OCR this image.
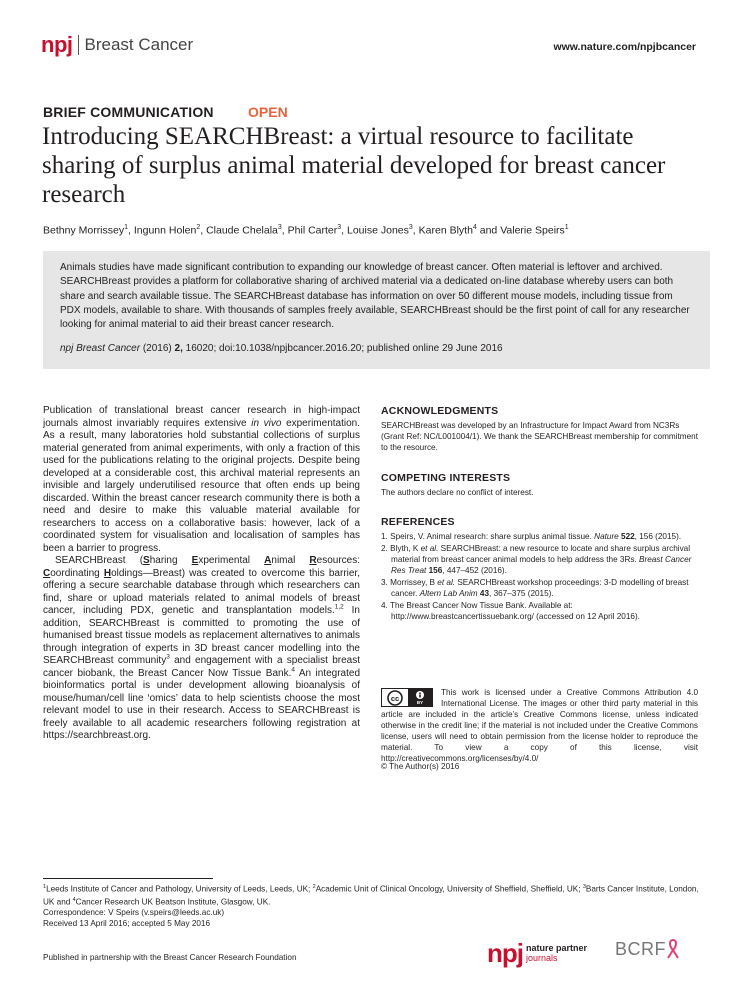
npj Breast Cancer	www.nature.com/npjbcancer
BRIEF COMMUNICATION OPEN
Introducing SEARCHBreast: a virtual resource to facilitate sharing of surplus animal material developed for breast cancer research
Bethny Morrissey$^1$, Ingunn Holen$^2$, Claude Chelala$^3$, Phil Carter$^3$, Louise Jones$^3$, Karen Blyth$^4$ and Valerie Speirs$^1$

Animals studies have made significant contribution to expanding our knowledge of breast cancer. Often material is leftover and archived. SEARCHBreast provides a platform for collaborative sharing of archived material via a dedicated on-line database whereby users can both share and search available tissue. The SEARCHBreast database has information on over 50 different mouse models, including tissue from PDX models, available to share. With thousands of samples freely available, SEARCHBreast should be the first point of call for any researcher looking for animal material to aid their breast cancer research.

npj Breast Cancer (2016) 2, 16020; doi:10.1038/npjbcancer.2016.20; published online 29 June 2016

Publication of translational breast cancer research in high-impact journals almost invariably requires extensive in vivo experimentation. As a result, many laboratories hold substantial collections of surplus material generated from animal experiments, with only a fraction of this used for the publications relating to the original projects. Despite being developed at a considerable cost, this archival material represents an invisible and largely underutilised resource that often ends up being discarded. Within the breast cancer research community there is both a need and desire to make this valuable material available for researchers to access on a collaborative basis: however, lack of a coordinated system for visualisation and localisation of samples has been a barrier to progress.

SEARCHBreast (Sharing Experimental Animal Resources: Coordinating Holdings—Breast) was created to overcome this barrier, offering a secure searchable database through which researchers can find, share or upload materials related to animal models of breast cancer, including PDX, genetic and transplantation models.$^{1,2}$ In addition, SEARCHBreast is committed to promoting the use of humanised breast tissue models as replacement alternatives to animals through integration of experts in 3D breast cancer modelling into the SEARCHBreast community$^3$ and engagement with a specialist breast cancer biobank, the Breast Cancer Now Tissue Bank.$^4$ An integrated bioinformatics portal is under development allowing bioanalysis of mouse/human/cell line ‘omics’ data to help scientists choose the most relevant model to use in their research. Access to SEARCHBreast is freely available to all academic researchers following registration at https://searchbreast.org.

ACKNOWLEDGMENTS

SEARCHBreast was developed by an Infrastructure for Impact Award from NC3Rs (Grant Ref: NC/L001004/1). We thank the SEARCHBreast membership for commitment to the resource.

COMPETING INTERESTS

The authors declare no conflict of interest.

REFERENCES
1. Speirs, V. Animal research: share surplus animal tissue. Nature 522, 156 (2015).
2. Blyth, K et al. SEARCHBreast: a new resource to locate and share surplus archival material from breast cancer animal models to help address the 3Rs. Breast Cancer Res Treat 156, 447–452 (2016).
3. Morrissey, B et al. SEARCHBreast workshop proceedings: 3-D modelling of breast cancer. Altern Lab Anim 43, 367–375 (2015).
4. The Breast Cancer Now Tissue Bank. Available at: http://www.breastcancertissuebank.org/ (accessed on 12 April 2016).
cc	BY

This work is licensed under a Creative Commons Attribution 4.0 International License. The images or other third party material in this article are included in the article’s Creative Commons license, unless indicated otherwise in the credit line; if the material is not included under the Creative Commons license, users will need to obtain permission from the license holder to reproduce the material. To view a copy of this license, visit http://creativecommons.org/licenses/by/4.0/

© The Author(s) 2016
$^1$Leeds Institute of Cancer and Pathology, University of Leeds, Leeds, UK; $^2$Academic Unit of Clinical Oncology, University of Sheffield, Sheffield, UK; $^3$Barts Cancer Institute, London, UK and $^4$Cancer Research UK Beatson Institute, Glasgow, UK.
Correspondence: V Speirs (v.speirs@leeds.ac.uk)
Received 13 April 2016; accepted 5 May 2016
Published in partnership with the Breast Cancer Research Foundation	npj nature partner
journals	BCRF
